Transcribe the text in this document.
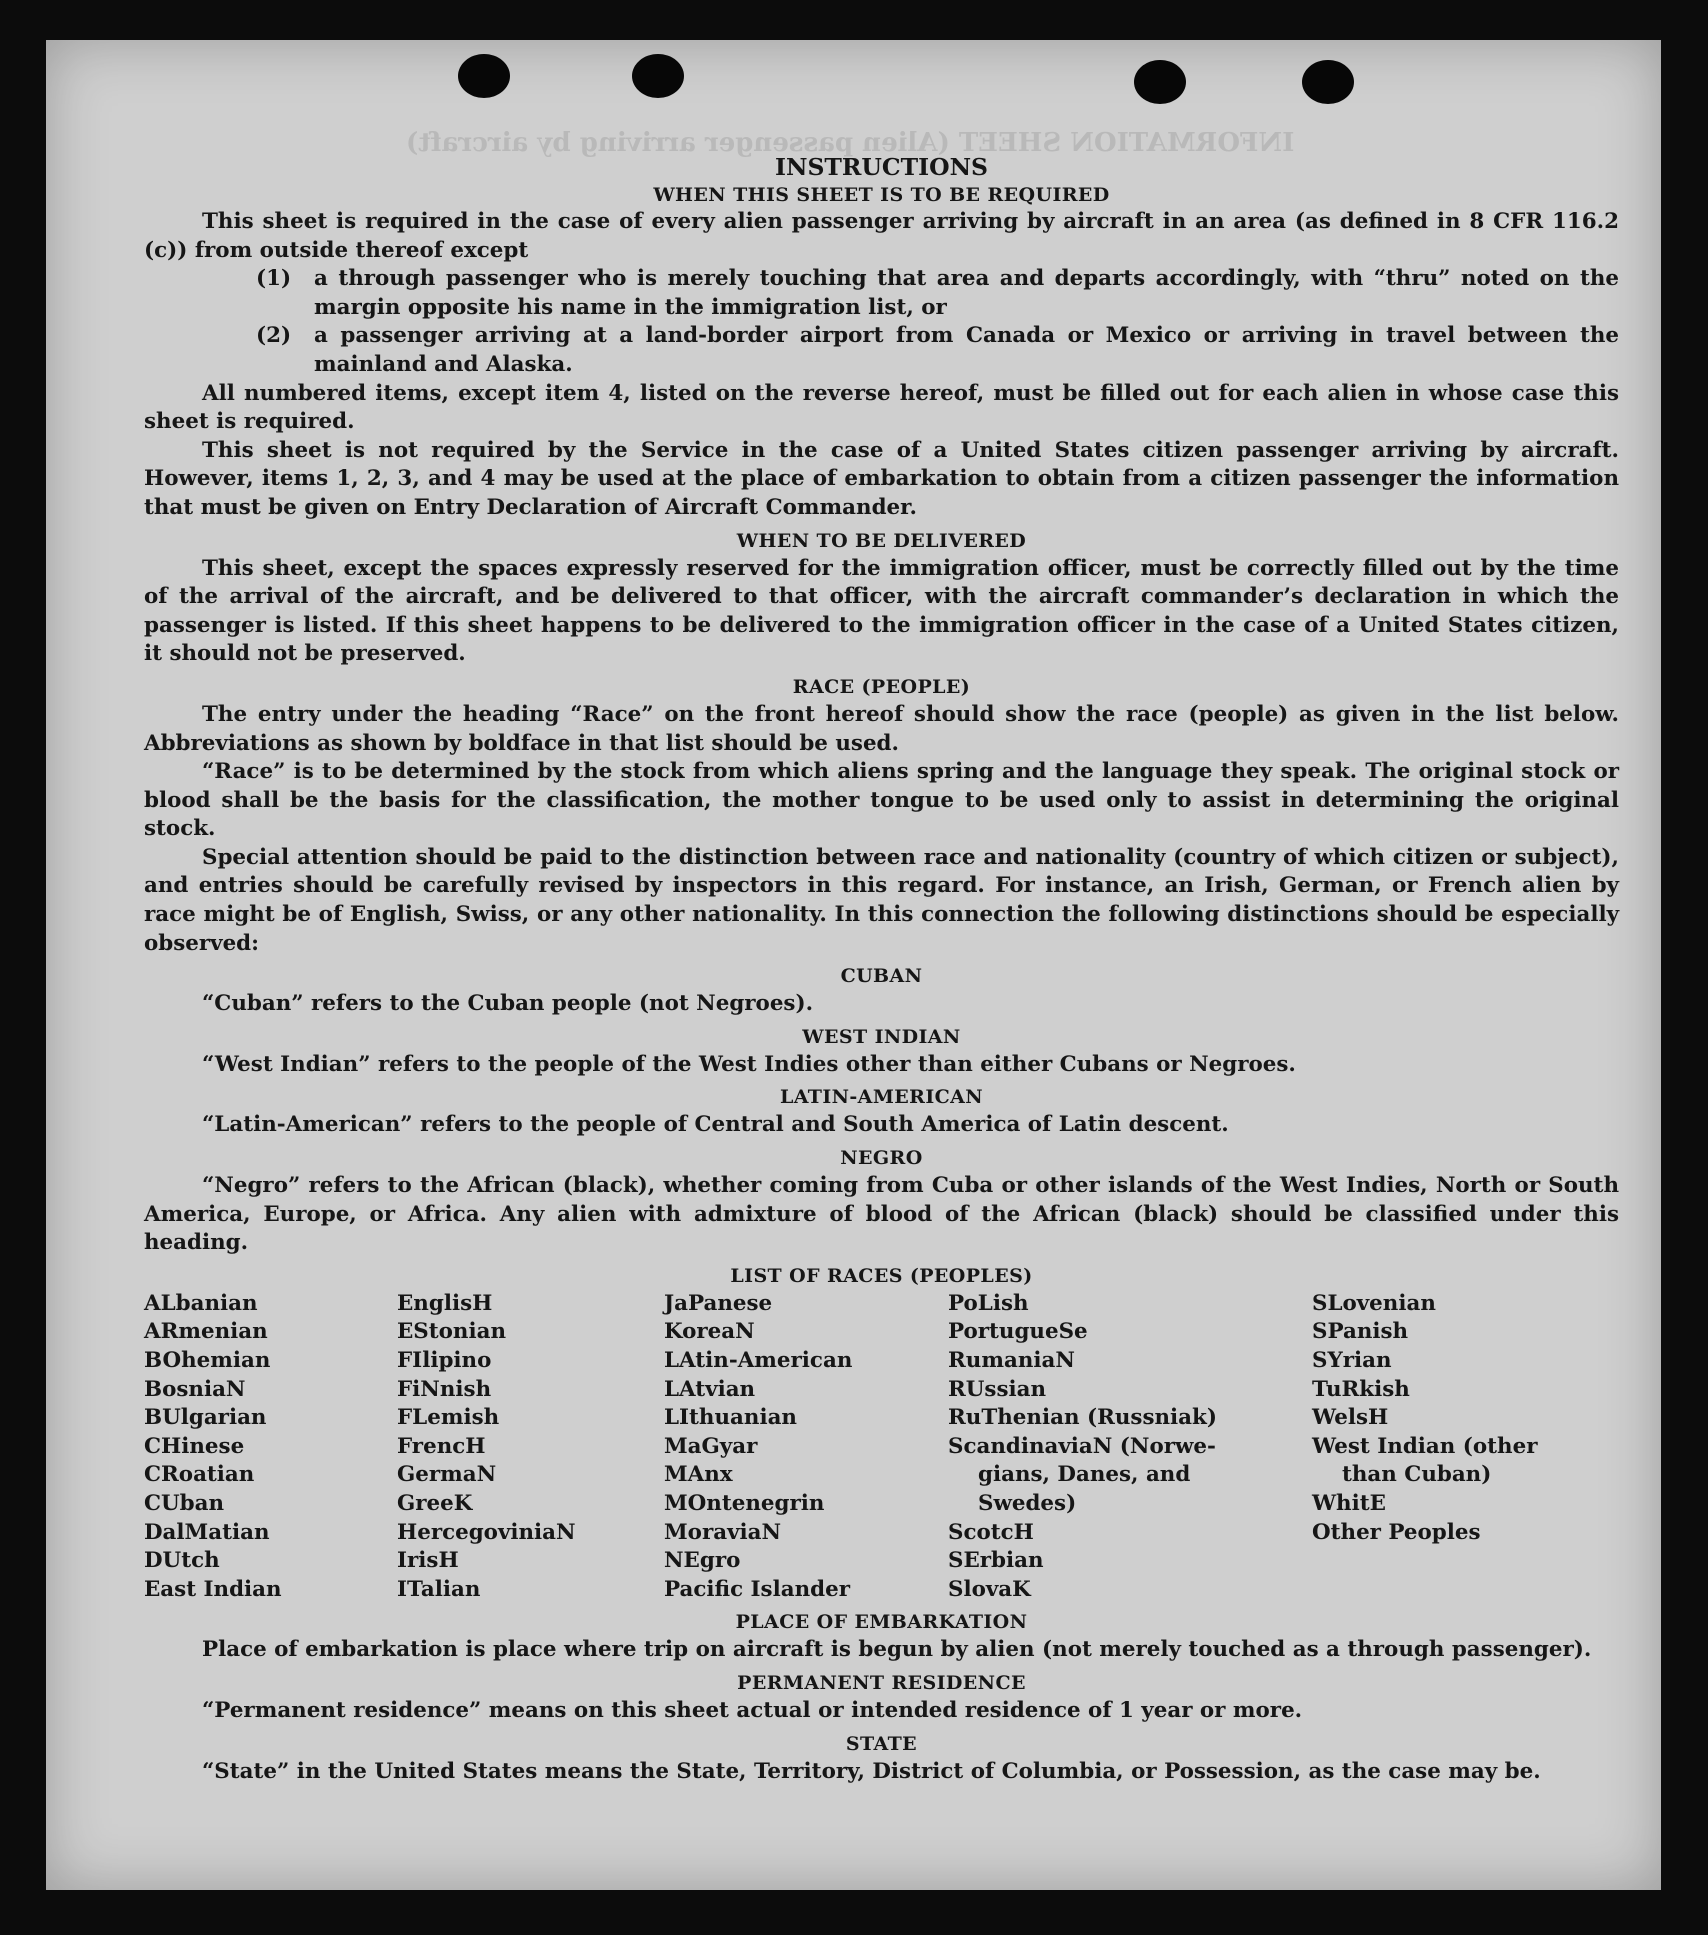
INFORMATION SHEET (Alien passenger arriving by aircraft)
INSTRUCTIONS
WHEN THIS SHEET IS TO BE REQUIRED

This sheet is required in the case of every alien passenger arriving by aircraft in an area (as defined in 8 CFR 116.2 (c)) from outside thereof except

(1)	a through passenger who is merely touching that area and departs accordingly, with “thru” noted on the margin opposite his name in the immigration list, or
(2)	a passenger arriving at a land-border airport from Canada or Mexico or arriving in travel between the mainland and Alaska.

All numbered items, except item 4, listed on the reverse hereof, must be filled out for each alien in whose case this sheet is required.

This sheet is not required by the Service in the case of a United States citizen passenger arriving by aircraft. However, items 1, 2, 3, and 4 may be used at the place of embarkation to obtain from a citizen passenger the information that must be given on Entry Declaration of Aircraft Commander.

WHEN TO BE DELIVERED

This sheet, except the spaces expressly reserved for the immigration officer, must be correctly filled out by the time of the arrival of the aircraft, and be delivered to that officer, with the aircraft commander’s declaration in which the passenger is listed. If this sheet happens to be delivered to the immigration officer in the case of a United States citizen, it should not be preserved.

RACE (PEOPLE)

The entry under the heading “Race” on the front hereof should show the race (people) as given in the list below. Abbreviations as shown by boldface in that list should be used.

“Race” is to be determined by the stock from which aliens spring and the language they speak. The original stock or blood shall be the basis for the classification, the mother tongue to be used only to assist in determining the original stock.

Special attention should be paid to the distinction between race and nationality (country of which citizen or subject), and entries should be carefully revised by inspectors in this regard. For instance, an Irish, German, or French alien by race might be of English, Swiss, or any other nationality. In this connection the following distinctions should be especially observed:

CUBAN

“Cuban” refers to the Cuban people (not Negroes).

WEST INDIAN

“West Indian” refers to the people of the West Indies other than either Cubans or Negroes.

LATIN-AMERICAN

“Latin-American” refers to the people of Central and South America of Latin descent.

NEGRO

“Negro” refers to the African (black), whether coming from Cuba or other islands of the West Indies, North or South America, Europe, or Africa. Any alien with admixture of blood of the African (black) should be classified under this heading.

LIST OF RACES (PEOPLES)
ALbanian
ARmenian
BOhemian
BosniaN
BUlgarian
CHinese
CRoatian
CUban
DalMatian
DUtch
East Indian
EnglisH
EStonian
FIlipino
FiNnish
FLemish
FrencH
GermaN
GreeK
HercegoviniaN
IrisH
ITalian
JaPanese
KoreaN
LAtin-American
LAtvian
LIthuanian
MaGyar
MAnx
MOntenegrin
MoraviaN
NEgro
Pacific Islander
PoLish
PortugueSe
RumaniaN
RUssian
RuThenian (Russniak)
ScandinaviaN (Norwe-
gians, Danes, and
Swedes)
ScotcH
SErbian
SlovaK
SLovenian
SPanish
SYrian
TuRkish
WelsH
West Indian (other
than Cuban)
WhitE
Other Peoples
PLACE OF EMBARKATION

Place of embarkation is place where trip on aircraft is begun by alien (not merely touched as a through passenger).

PERMANENT RESIDENCE

“Permanent residence” means on this sheet actual or intended residence of 1 year or more.

STATE

“State” in the United States means the State, Territory, District of Columbia, or Possession, as the case may be.
